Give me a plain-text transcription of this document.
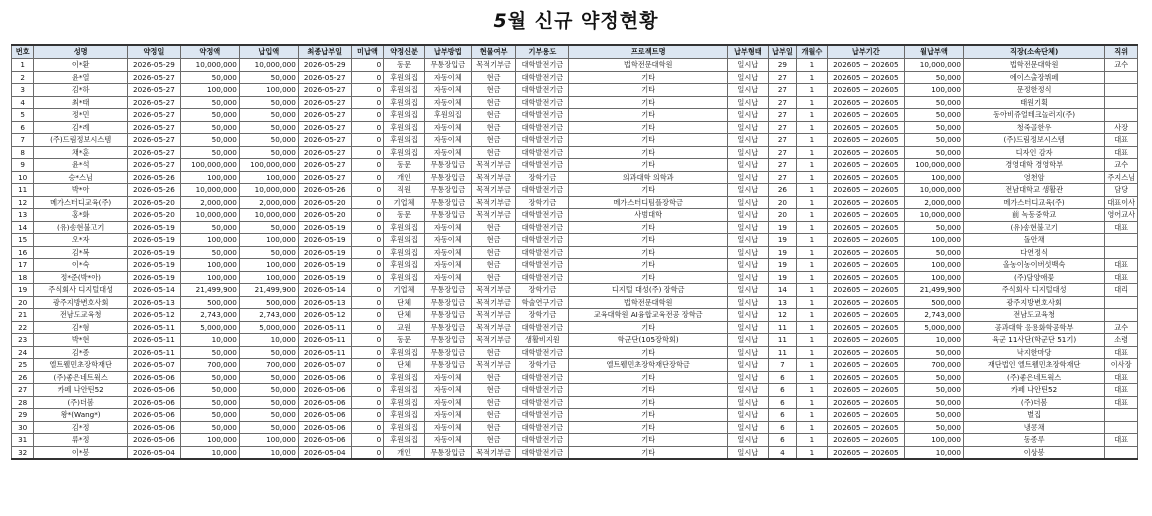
5월 신규 약정현황
번호	성명	약정일	약정액	납입액	최종납부일	미납액	약정신분	납부방법	현물여부	기부용도	프로젝트명	납부형태	납부일	개월수	납부기간	월납부액	직장(소속단체)	직위
1	이*환	2026-05-29	10,000,000	10,000,000	2026-05-29	0	동문	무통장입금	목적기부금	대학발전기금	법학전문대학원	일시납	29	1	202605 ~ 202605	10,000,000	법학전문대학원	교수
2	윤*열	2026-05-27	50,000	50,000	2026-05-27	0	후원의집	자동이체	현금	대학발전기금	기타	일시납	27	1	202605 ~ 202605	50,000	에이스출장뷔페	
3	김*하	2026-05-27	100,000	100,000	2026-05-27	0	후원의집	자동이체	현금	대학발전기금	기타	일시납	27	1	202605 ~ 202605	100,000	문정한정식	
4	최*태	2026-05-27	50,000	50,000	2026-05-27	0	후원의집	자동이체	현금	대학발전기금	기타	일시납	27	1	202605 ~ 202605	50,000	태원기획	
5	정*민	2026-05-27	50,000	50,000	2026-05-27	0	후원의집	후원의집	현금	대학발전기금	기타	일시납	27	1	202605 ~ 202605	50,000	동아비쥬얼테크놀러지(주)	
6	김*례	2026-05-27	50,000	50,000	2026-05-27	0	후원의집	자동이체	현금	대학발전기금	기타	일시납	27	1	202605 ~ 202605	50,000	청죽골한우	사장
7	(주)드림정보시스템	2026-05-27	50,000	50,000	2026-05-27	0	후원의집	자동이체	현금	대학발전기금	기타	일시납	27	1	202605 ~ 202605	50,000	(주)드림정보시스템	대표
8	채*훈	2026-05-27	50,000	50,000	2026-05-27	0	후원의집	자동이체	현금	대학발전기금	기타	일시납	27	1	202605 ~ 202605	50,000	디자인 감자	대표
9	윤*석	2026-05-27	100,000,000	100,000,000	2026-05-27	0	동문	무통장입금	목적기부금	대학발전기금	기타	일시납	27	1	202605 ~ 202605	100,000,000	경영대학 경영학부	교수
10	승*스님	2026-05-26	100,000	100,000	2026-05-27	0	개인	무통장입금	목적기부금	장학기금	의과대학 의학과	일시납	27	1	202605 ~ 202605	100,000	영천암	주지스님
11	박*아	2026-05-26	10,000,000	10,000,000	2026-05-26	0	직원	무통장입금	목적기부금	대학발전기금	기타	일시납	26	1	202605 ~ 202605	10,000,000	전남대학교 생활관	담당
12	메가스터디교육(주)	2026-05-20	2,000,000	2,000,000	2026-05-20	0	기업체	무통장입금	목적기부금	장학기금	메가스터디팀플장학금	일시납	20	1	202605 ~ 202605	2,000,000	메가스터디교육(주)	대표이사
13	홍*화	2026-05-20	10,000,000	10,000,000	2026-05-20	0	동문	무통장입금	목적기부금	대학발전기금	사범대학	일시납	20	1	202605 ~ 202605	10,000,000	前 녹동중학교	영어교사
14	(유)송현불고기	2026-05-19	50,000	50,000	2026-05-19	0	후원의집	자동이체	현금	대학발전기금	기타	일시납	19	1	202605 ~ 202605	50,000	(유)송현불고기	대표
15	오*자	2026-05-19	100,000	100,000	2026-05-19	0	후원의집	자동이체	현금	대학발전기금	기타	일시납	19	1	202605 ~ 202605	100,000	돌안채	
16	김*복	2026-05-19	50,000	50,000	2026-05-19	0	후원의집	자동이체	현금	대학발전기금	기타	일시납	19	1	202605 ~ 202605	50,000	다연정식	
17	이*숙	2026-05-19	100,000	100,000	2026-05-19	0	후원의집	자동이체	현금	대학발전기금	기타	일시납	19	1	202605 ~ 202605	100,000	올농이농이버섯백숙	대표
18	정*준(박*아)	2026-05-19	100,000	100,000	2026-05-19	0	후원의집	자동이체	현금	대학발전기금	기타	일시납	19	1	202605 ~ 202605	100,000	(주)담양애꽃	대표
19	주식회사 디지털대성	2026-05-14	21,499,900	21,499,900	2026-05-14	0	기업체	무통장입금	목적기부금	장학기금	디지털 대성(주) 장학금	일시납	14	1	202605 ~ 202605	21,499,900	주식회사 디지털대성	대리
20	광주지방변호사회	2026-05-13	500,000	500,000	2026-05-13	0	단체	무통장입금	목적기부금	학술연구기금	법학전문대학원	일시납	13	1	202605 ~ 202605	500,000	광주지방변호사회	
21	전남도교육청	2026-05-12	2,743,000	2,743,000	2026-05-12	0	단체	무통장입금	목적기부금	장학기금	교육대학원 AI융합교육전공 장학금	일시납	12	1	202605 ~ 202605	2,743,000	전남도교육청	
22	김*형	2026-05-11	5,000,000	5,000,000	2026-05-11	0	교원	무통장입금	목적기부금	대학발전기금	기타	일시납	11	1	202605 ~ 202605	5,000,000	공과대학 응용화학공학부	교수
23	박*현	2026-05-11	10,000	10,000	2026-05-11	0	동문	무통장입금	목적기부금	생활비지원	학군단(105장학회)	일시납	11	1	202605 ~ 202605	10,000	육군 11사단(학군단 51기)	소령
24	김*종	2026-05-11	50,000	50,000	2026-05-11	0	후원의집	무통장입금	현금	대학발전기금	기타	일시납	11	1	202605 ~ 202605	50,000	낙지한마당	대표
25	엘트웰민초장학재단	2026-05-07	700,000	700,000	2026-05-07	0	단체	무통장입금	목적기부금	장학기금	엘트웰민초장학재단장학금	일시납	7	1	202605 ~ 202605	700,000	재단법인 엘트웰민초장학재단	이사장
26	(주)좋은네트웍스	2026-05-06	50,000	50,000	2026-05-06	0	후원의집	자동이체	현금	대학발전기금	기타	일시납	6	1	202605 ~ 202605	50,000	(주)좋은네트웍스	대표
27	카페 나안틴52	2026-05-06	50,000	50,000	2026-05-06	0	후원의집	자동이체	현금	대학발전기금	기타	일시납	6	1	202605 ~ 202605	50,000	카페 나안틴52	대표
28	(주)더봄	2026-05-06	50,000	50,000	2026-05-06	0	후원의집	자동이체	현금	대학발전기금	기타	일시납	6	1	202605 ~ 202605	50,000	(주)더봄	대표
29	왕*(Wang*)	2026-05-06	50,000	50,000	2026-05-06	0	후원의집	자동이체	현금	대학발전기금	기타	일시납	6	1	202605 ~ 202605	50,000	별집	
30	김*정	2026-05-06	50,000	50,000	2026-05-06	0	후원의집	자동이체	현금	대학발전기금	기타	일시납	6	1	202605 ~ 202605	50,000	냉콩채	
31	류*정	2026-05-06	100,000	100,000	2026-05-06	0	후원의집	자동이체	현금	대학발전기금	기타	일시납	6	1	202605 ~ 202605	100,000	동종루	대표
32	이*봉	2026-05-04	10,000	10,000	2026-05-04	0	개인	무통장입금	목적기부금	대학발전기금	기타	일시납	4	1	202605 ~ 202605	10,000	이상봉	
